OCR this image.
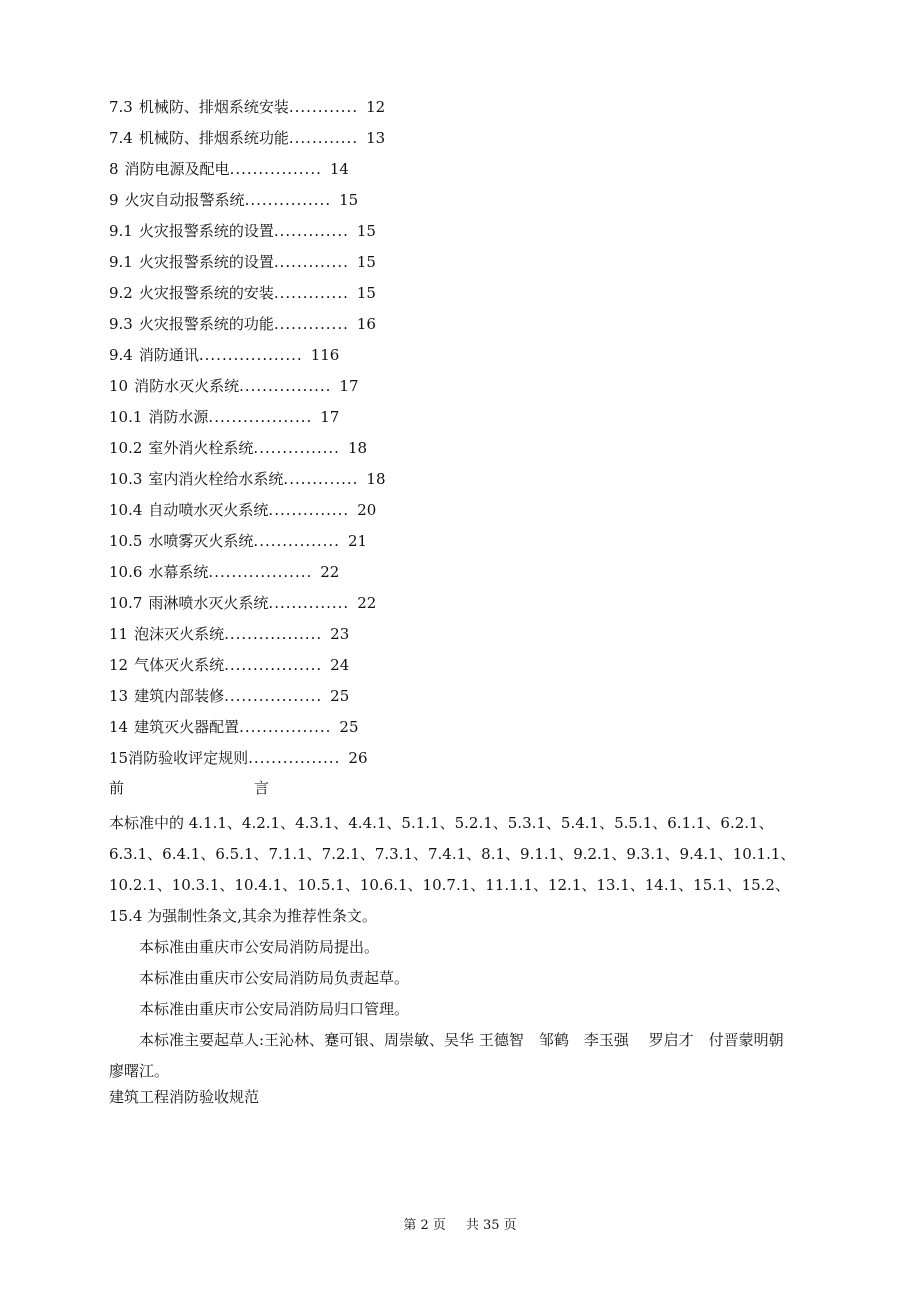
7.3 机械防、排烟系统安装............ 12
7.4 机械防、排烟系统功能............ 13
8 消防电源及配电................ 14
9 火灾自动报警系统............... 15
9.1 火灾报警系统的设置............. 15
9.1 火灾报警系统的设置............. 15
9.2 火灾报警系统的安装............. 15
9.3 火灾报警系统的功能............. 16
9.4 消防通讯.................. 116
10 消防水灭火系统................ 17
10.1 消防水源.................. 17
10.2 室外消火栓系统............... 18
10.3 室内消火栓给水系统............. 18
10.4 自动喷水灭火系统.............. 20
10.5 水喷雾灭火系统............... 21
10.6 水幕系统.................. 22
10.7 雨淋喷水灭火系统.............. 22
11 泡沫灭火系统................. 23
12 气体灭火系统................. 24
13 建筑内部装修................. 25
14 建筑灭火器配置................ 25
15消防验收评定规则................ 26
前	言

本标准中的 4.1.1、4.2.1、4.3.1、4.4.1、5.1.1、5.2.1、5.3.1、5.4.1、5.5.1、6.1.1、6.2.1、6.3.1、6.4.1、6.5.1、7.1.1、7.2.1、7.3.1、7.4.1、8.1、9.1.1、9.2.1、9.3.1、9.4.1、10.1.1、10.2.1、10.3.1、10.4.1、10.5.1、10.6.1、10.7.1、11.1.1、12.1、13.1、14.1、15.1、15.2、15.4 为强制性条文,其余为推荐性条文。

本标准由重庆市公安局消防局提出。

本标准由重庆市公安局消防局负责起草。

本标准由重庆市公安局消防局归口管理。

本标准主要起草人:王沁林、蹇可银、周崇敏、吴华 王德智　邹鹤　李玉强　 罗启才　付晋蒙明朝　 廖曙江。

建筑工程消防验收规范
第 2 页 共 35 页
